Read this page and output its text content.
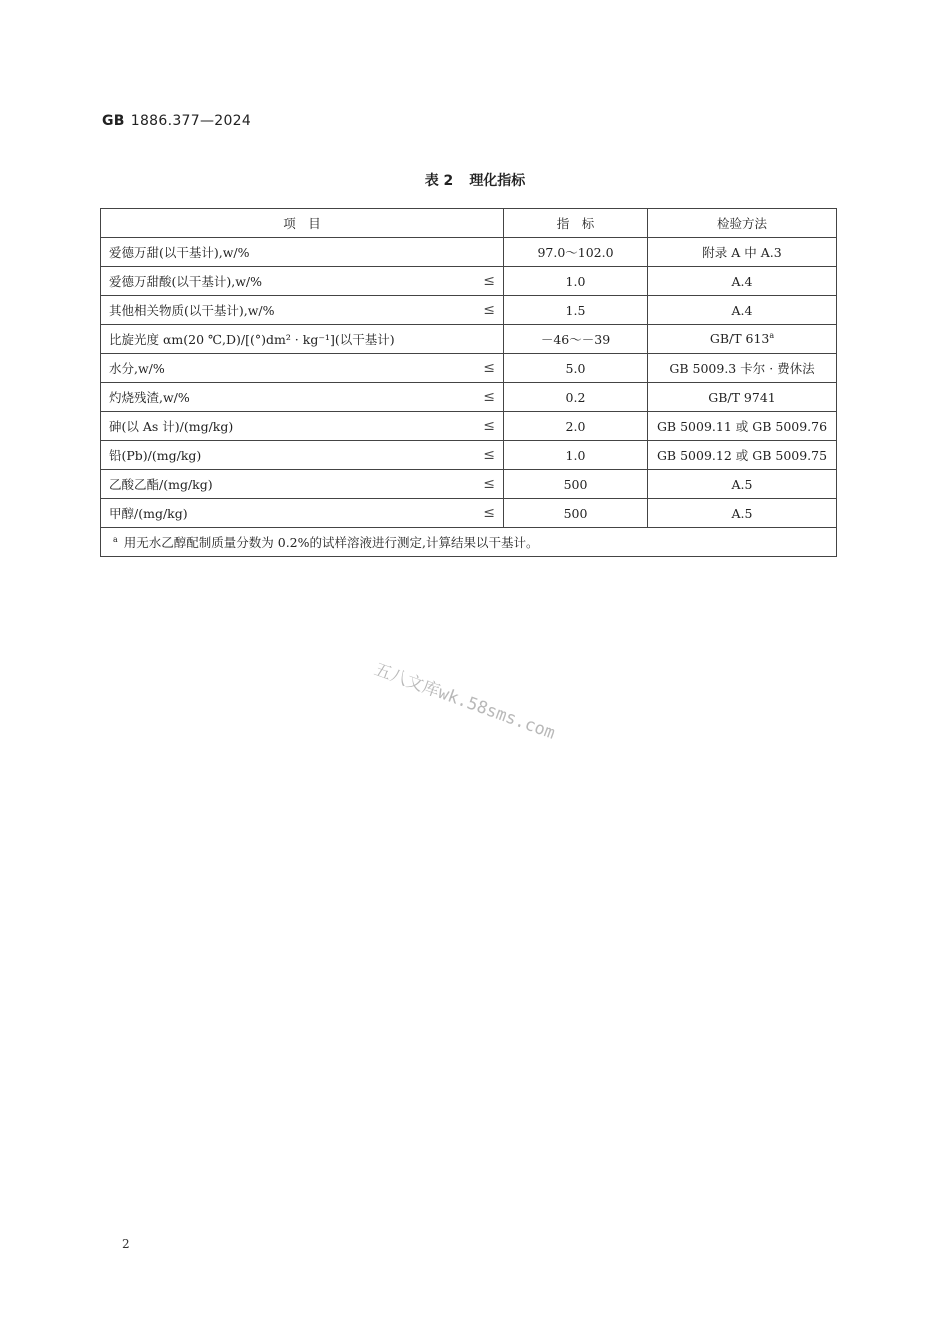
GB 1886.377—2024
表 2 理化指标
项　目	指　标	检验方法
爱德万甜(以干基计),w/%	97.0～102.0	附录 A 中 A.3
爱德万甜酸(以干基计),w/% ≤	1.0	A.4
其他相关物质(以干基计),w/% ≤	1.5	A.4
比旋光度 αm(20 ℃,D)/[(°)dm² · kg⁻¹](以干基计)	－46～－39	GB/T 613$^a$
水分,w/% ≤	5.0	GB 5009.3 卡尔 · 费休法
灼烧残渣,w/% ≤	0.2	GB/T 9741
砷(以 As 计)/(mg/kg) ≤	2.0	GB 5009.11 或 GB 5009.76
铅(Pb)/(mg/kg) ≤	1.0	GB 5009.12 或 GB 5009.75
乙酸乙酯/(mg/kg) ≤	500	A.5
甲醇/(mg/kg) ≤	500	A.5
$^a$ 用无水乙醇配制质量分数为 0.2%的试样溶液进行测定,计算结果以干基计。		
五八文库wk.58sms.com
2
